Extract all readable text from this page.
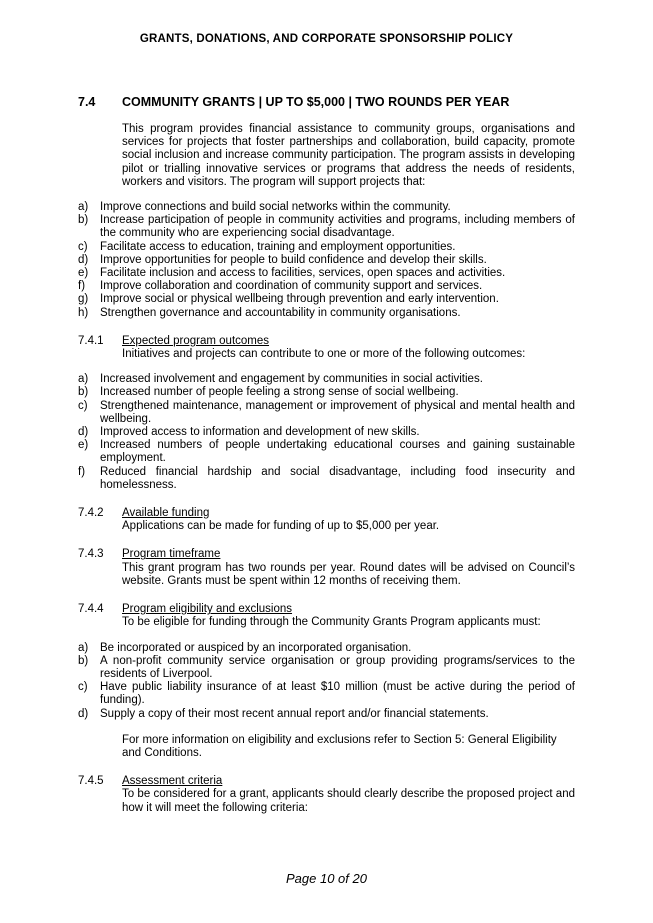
GRANTS, DONATIONS, AND CORPORATE SPONSORSHIP POLICY
7.4 COMMUNITY GRANTS | UP TO $5,000 | TWO ROUNDS PER YEAR

This program provides financial assistance to community groups, organisations and services for projects that foster partnerships and collaboration, build capacity, promote social inclusion and increase community participation. The program assists in developing pilot or trialling innovative services or programs that address the needs of residents, workers and visitors. The program will support projects that:

a) Improve connections and build social networks within the community.
b) Increase participation of people in community activities and programs, including members of the community who are experiencing social disadvantage.
c) Facilitate access to education, training and employment opportunities.
d) Improve opportunities for people to build confidence and develop their skills.
e) Facilitate inclusion and access to facilities, services, open spaces and activities.
f) Improve collaboration and coordination of community support and services.
g) Improve social or physical wellbeing through prevention and early intervention.
h) Strengthen governance and accountability in community organisations.
7.4.1 Expected program outcomes

Initiatives and projects can contribute to one or more of the following outcomes:

a) Increased involvement and engagement by communities in social activities.
b) Increased number of people feeling a strong sense of social wellbeing.
c) Strengthened maintenance, management or improvement of physical and mental health and wellbeing.
d) Improved access to information and development of new skills.
e) Increased numbers of people undertaking educational courses and gaining sustainable employment.
f) Reduced financial hardship and social disadvantage, including food insecurity and homelessness.
7.4.2 Available funding

Applications can be made for funding of up to $5,000 per year.

7.4.3 Program timeframe

This grant program has two rounds per year. Round dates will be advised on Council’s website. Grants must be spent within 12 months of receiving them.

7.4.4 Program eligibility and exclusions

To be eligible for funding through the Community Grants Program applicants must:

a) Be incorporated or auspiced by an incorporated organisation.
b) A non-profit community service organisation or group providing programs/services to the residents of Liverpool.
c) Have public liability insurance of at least $10 million (must be active during the period of funding).
d) Supply a copy of their most recent annual report and/or financial statements.

For more information on eligibility and exclusions refer to Section 5: General Eligibility and Conditions.

7.4.5 Assessment criteria

To be considered for a grant, applicants should clearly describe the proposed project and how it will meet the following criteria:

Page 10 of 20
